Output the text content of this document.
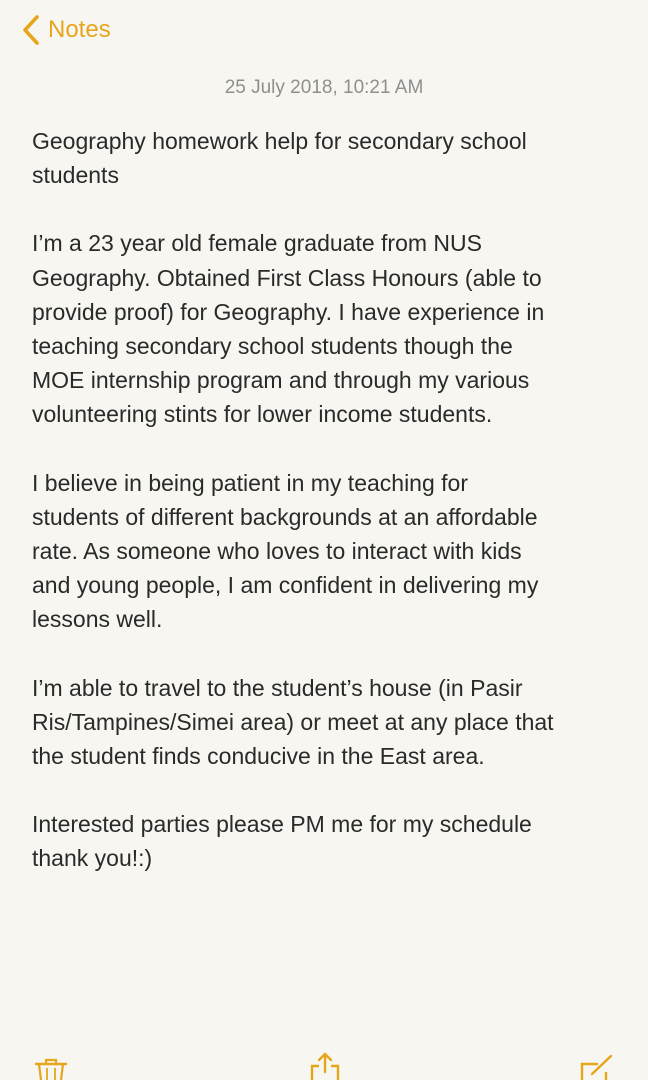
Notes
25 July 2018, 10:21 AM

Geography homework help for secondary school
students

I’m a 23 year old female graduate from NUS
Geography. Obtained First Class Honours (able to
provide proof) for Geography. I have experience in
teaching secondary school students though the
MOE internship program and through my various
volunteering stints for lower income students.

I believe in being patient in my teaching for
students of different backgrounds at an affordable
rate. As someone who loves to interact with kids
and young people, I am confident in delivering my
lessons well.

I’m able to travel to the student’s house (in Pasir
Ris/Tampines/Simei area) or meet at any place that
the student finds conducive in the East area.

Interested parties please PM me for my schedule
thank you!:)
